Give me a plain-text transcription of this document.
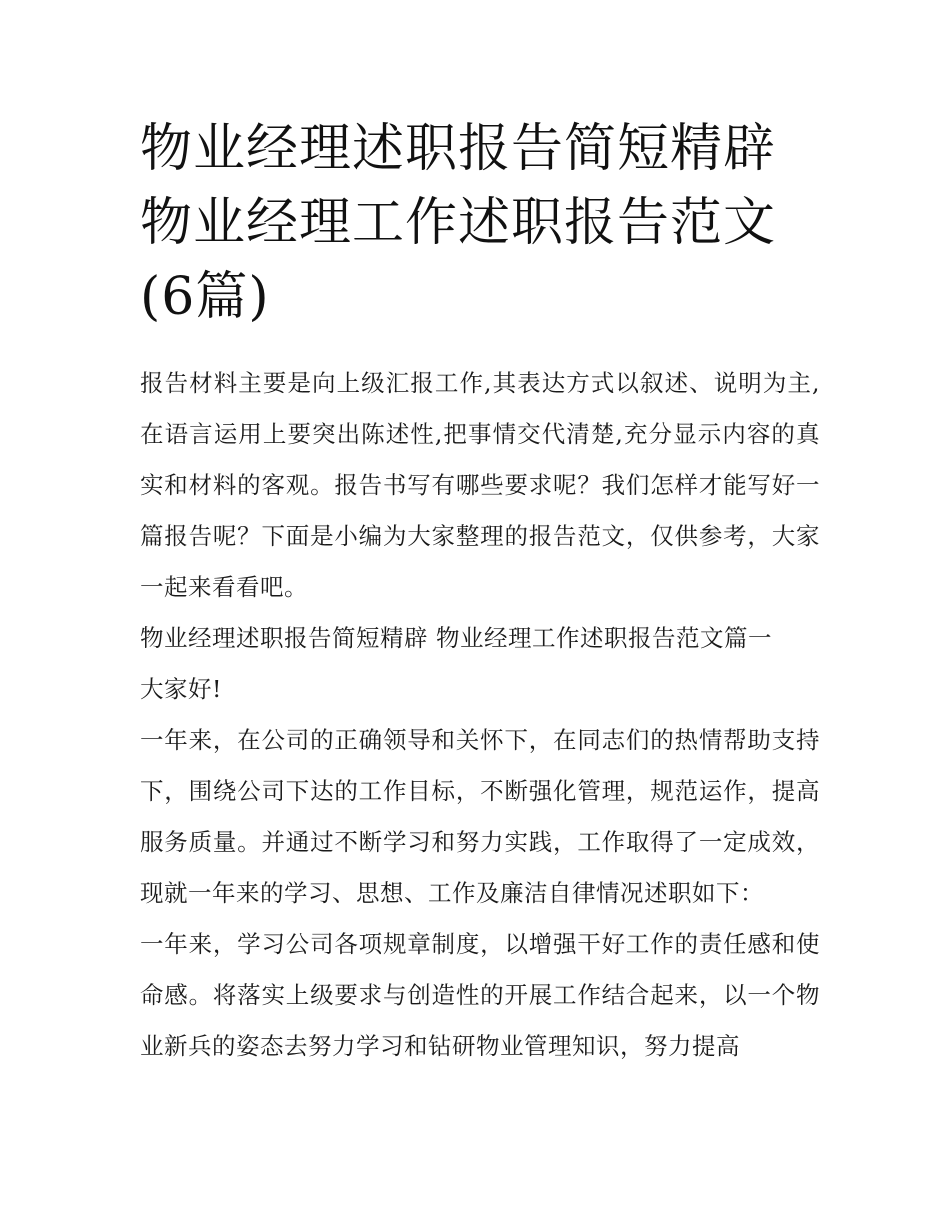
物业经理述职报告简短精辟 物业经理工作述职报告范文(6篇)

报告材料主要是向上级汇报工作,其表达方式以叙述、说明为主,在语言运用上要突出陈述性,把事情交代清楚,充分显示内容的真实和材料的客观。报告书写有哪些要求呢？我们怎样才能写好一篇报告呢？下面是小编为大家整理的报告范文，仅供参考，大家一起来看看吧。

物业经理述职报告简短精辟 物业经理工作述职报告范文篇一

大家好!

一年来，在公司的正确领导和关怀下，在同志们的热情帮助支持下，围绕公司下达的工作目标，不断强化管理，规范运作，提高服务质量。并通过不断学习和努力实践，工作取得了一定成效，现就一年来的学习、思想、工作及廉洁自律情况述职如下：

一年来，学习公司各项规章制度，以增强干好工作的责任感和使命感。将落实上级要求与创造性的开展工作结合起来，以一个物业新兵的姿态去努力学习和钻研物业管理知识，努力提高
